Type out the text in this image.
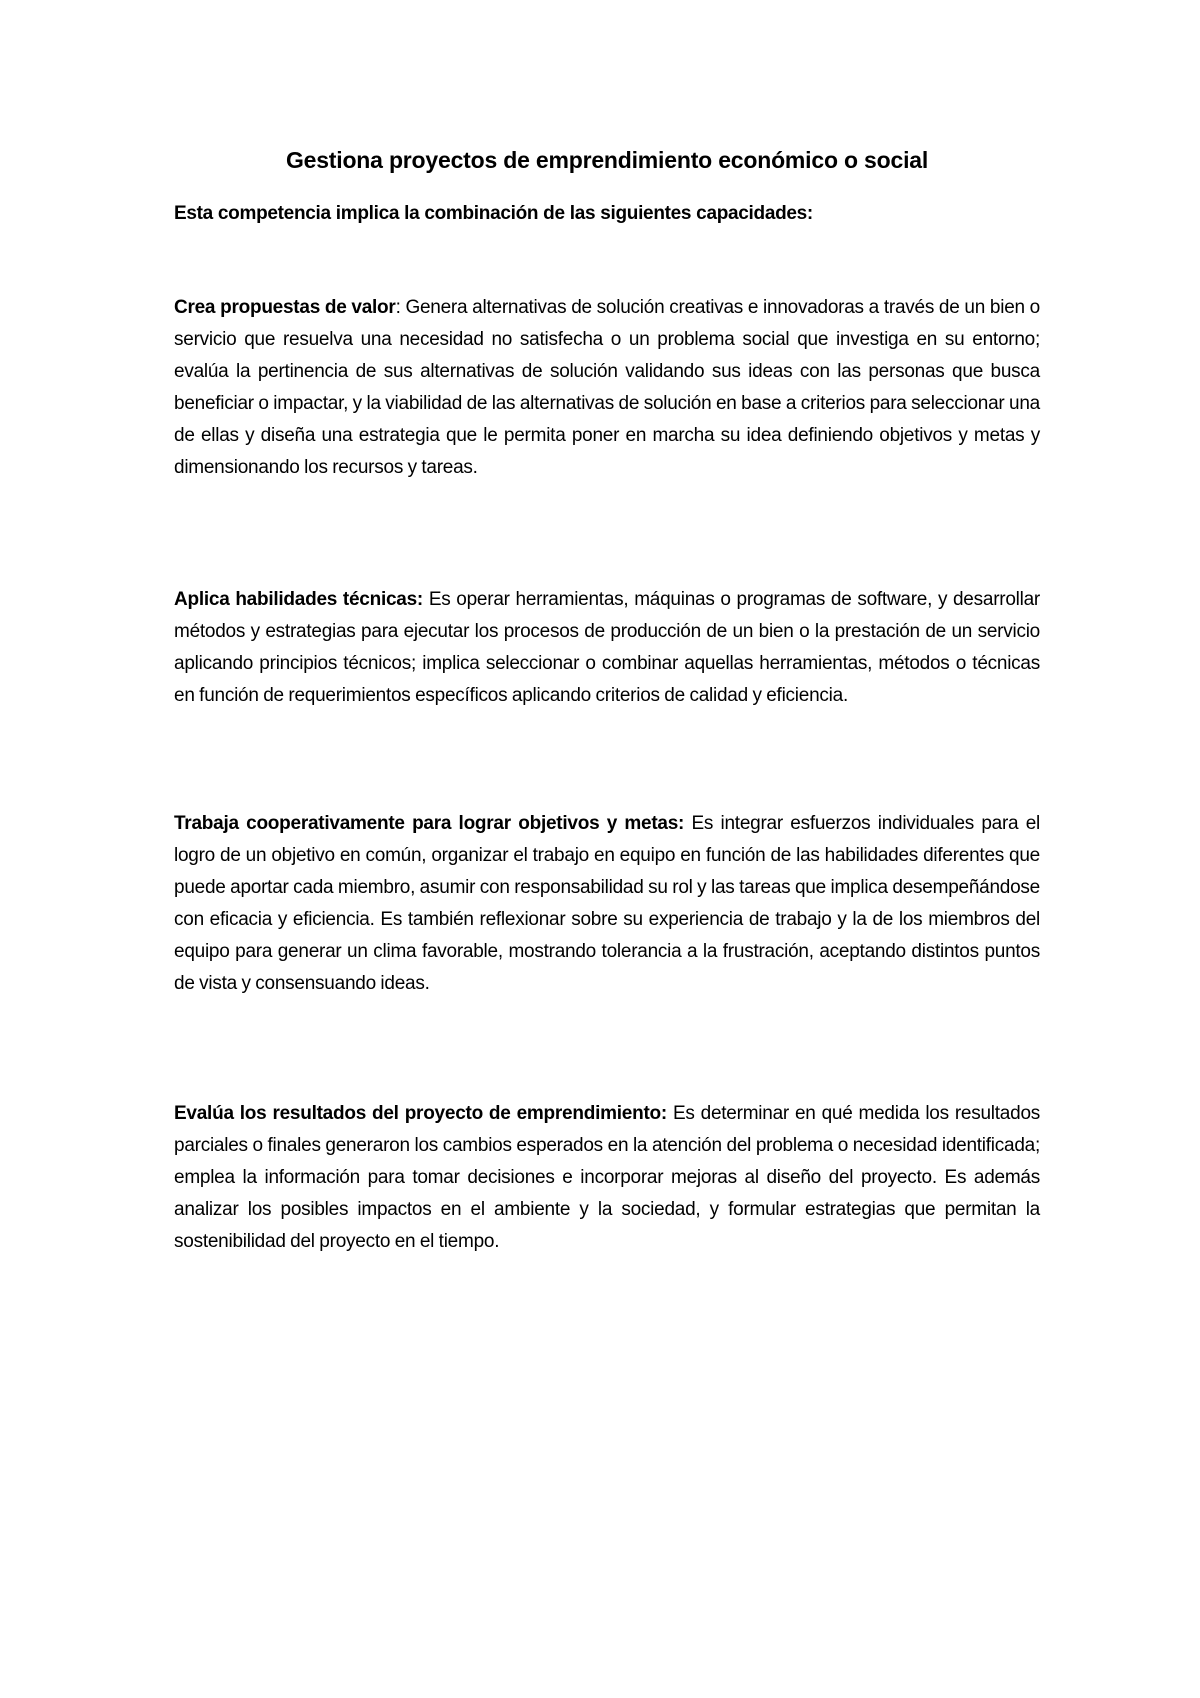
Gestiona proyectos de emprendimiento económico o social

Esta competencia implica la combinación de las siguientes capacidades:

Crea propuestas de valor: Genera alternativas de solución creativas e innovadoras a través de un bien o servicio que resuelva una necesidad no satisfecha o un problema social que investiga en su entorno; evalúa la pertinencia de sus alternativas de solución validando sus ideas con las personas que busca beneficiar o impactar, y la viabilidad de las alternativas de solución en base a criterios para seleccionar una de ellas y diseña una estrategia que le permita poner en marcha su idea definiendo objetivos y metas y dimensionando los recursos y tareas.

Aplica habilidades técnicas: Es operar herramientas, máquinas o programas de software, y desarrollar métodos y estrategias para ejecutar los procesos de producción de un bien o la prestación de un servicio aplicando principios técnicos; implica seleccionar o combinar aquellas herramientas, métodos o técnicas en función de requerimientos específicos aplicando criterios de calidad y eficiencia.

Trabaja cooperativamente para lograr objetivos y metas: Es integrar esfuerzos individuales para el logro de un objetivo en común, organizar el trabajo en equipo en función de las habilidades diferentes que puede aportar cada miembro, asumir con responsabilidad su rol y las tareas que implica desempeñándose con eficacia y eficiencia. Es también reflexionar sobre su experiencia de trabajo y la de los miembros del equipo para generar un clima favorable, mostrando tolerancia a la frustración, aceptando distintos puntos de vista y consensuando ideas.

Evalúa los resultados del proyecto de emprendimiento: Es determinar en qué medida los resultados parciales o finales generaron los cambios esperados en la atención del problema o necesidad identificada; emplea la información para tomar decisiones e incorporar mejoras al diseño del proyecto. Es además analizar los posibles impactos en el ambiente y la sociedad, y formular estrategias que permitan la sostenibilidad del proyecto en el tiempo.
